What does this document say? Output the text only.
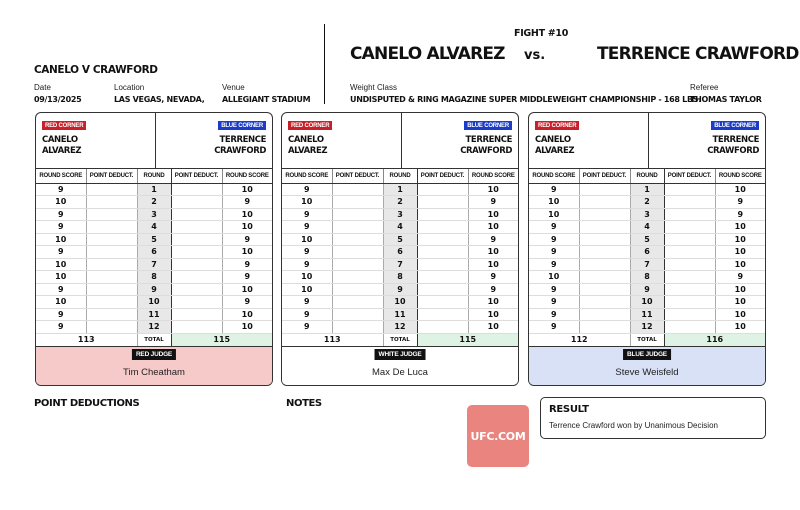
CANELO V CRAWFORD
Date
09/13/2025
Location
LAS VEGAS, NEVADA,
Venue
ALLEGIANT STADIUM
FIGHT #10
CANELO ALVAREZ vs.	TERRENCE CRAWFORD
Weight Class
UNDISPUTED & RING MAGAZINE SUPER MIDDLEWEIGHT CHAMPIONSHIP - 168 LBS.
Referee
THOMAS TAYLOR
RED CORNER	BLUE CORNER
CANELO
ALVAREZ
TERRENCE
CRAWFORD
ROUND SCORE	POINT DEDUCT.	ROUND	POINT DEDUCT.	ROUND SCORE
9		1		10
10		2		9
9		3		10
9		4		10
10		5		9
9		6		10
10		7		9
10		8		9
9		9		10
10		10		9
9		11		10
9		12		10
113		TOTAL	115	
RED JUDGE
Tim Cheatham
RED CORNER	BLUE CORNER
CANELO
ALVAREZ
TERRENCE
CRAWFORD
ROUND SCORE	POINT DEDUCT.	ROUND	POINT DEDUCT.	ROUND SCORE
9		1		10
10		2		9
9		3		10
9		4		10
10		5		9
9		6		10
9		7		10
10		8		9
10		9		9
9		10		10
9		11		10
9		12		10
113		TOTAL	115	
WHITE JUDGE
Max De Luca
RED CORNER	BLUE CORNER
CANELO
ALVAREZ
TERRENCE
CRAWFORD
ROUND SCORE	POINT DEDUCT.	ROUND	POINT DEDUCT.	ROUND SCORE
9		1		10
10		2		9
10		3		9
9		4		10
9		5		10
9		6		10
9		7		10
10		8		9
9		9		10
9		10		10
9		11		10
9		12		10
112		TOTAL	116	
BLUE JUDGE
Steve Weisfeld
POINT DEDUCTIONS	NOTES
UFC.COM
RESULT
Terrence Crawford won by Unanimous Decision
